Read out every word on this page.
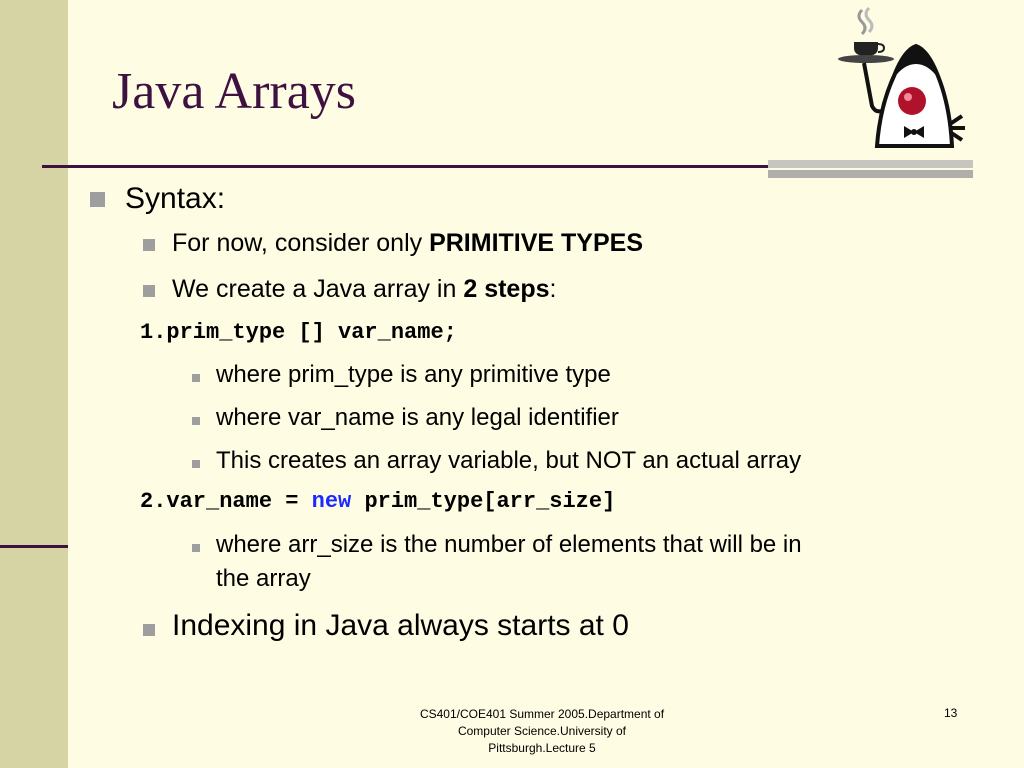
Java Arrays
Syntax:
For now, consider only PRIMITIVE TYPES
We create a Java array in 2 steps:
1.prim_type [] var_name;
where prim_type is any primitive type
where var_name is any legal identifier
This creates an array variable, but NOT an actual array
2.var_name = new prim_type[arr_size]
where arr_size is the number of elements that will be in
the array
Indexing in Java always starts at 0
CS401/COE401 Summer 2005.Department of
Computer Science.University of
Pittsburgh.Lecture 5
13
